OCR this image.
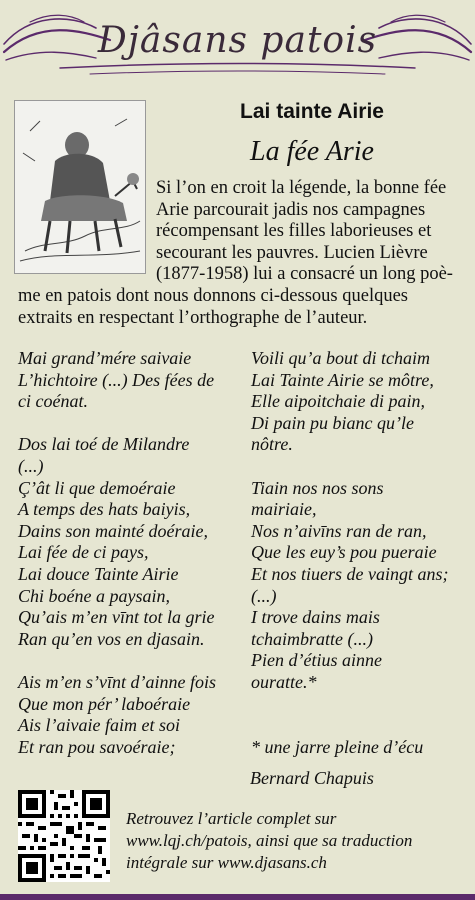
Djâsans patois
Lai tainte Airie
La fée Arie
Si l’on en croit la légende, la bonne fée
Arie parcourait jadis nos campagnes
récompensant les filles laborieuses et
secourant les pauvres. Lucien Lièvre
(1877-1958) lui a consacré un long poè-
me en patois dont nous donnons ci-dessous quelques
extraits en respectant l’orthographe de l’auteur.
Mai grand’mére saivaie
L’hichtoire (...) Des fées de
ci coénat.
Dos lai toé de Milandre
(...)
Ç’ât li que demoéraie
A temps des hats baiyis,
Dains son mainté doéraie,
Lai fée de ci pays,
Lai douce Tainte Airie
Chi boéne a paysain,
Qu’ais m’en vīnt tot la grie
Ran qu’en vos en djasain.
Ais m’en s’vīnt d’ainne fois
Que mon pér’ laboéraie
Ais l’aivaie faim et soi
Et ran pou savoéraie;
Voili qu’a bout di tchaim
Lai Tainte Airie se môtre,
Elle aipoitchaie di pain,
Di pain pu bianc qu’le
nôtre.
Tiain nos nos sons
mairiaie,
Nos n’aivīns ran de ran,
Que les euy’s pou pueraie
Et nos tiuers de vaingt ans;
(...)
I trove dains mais
tchaimbratte (...)
Pien d’étius ainne
ouratte.*
* une jarre pleine d’écu
Bernard Chapuis
Retrouvez l’article complet sur
www.lqj.ch/patois, ainsi que sa traduction
intégrale sur www.djasans.ch
